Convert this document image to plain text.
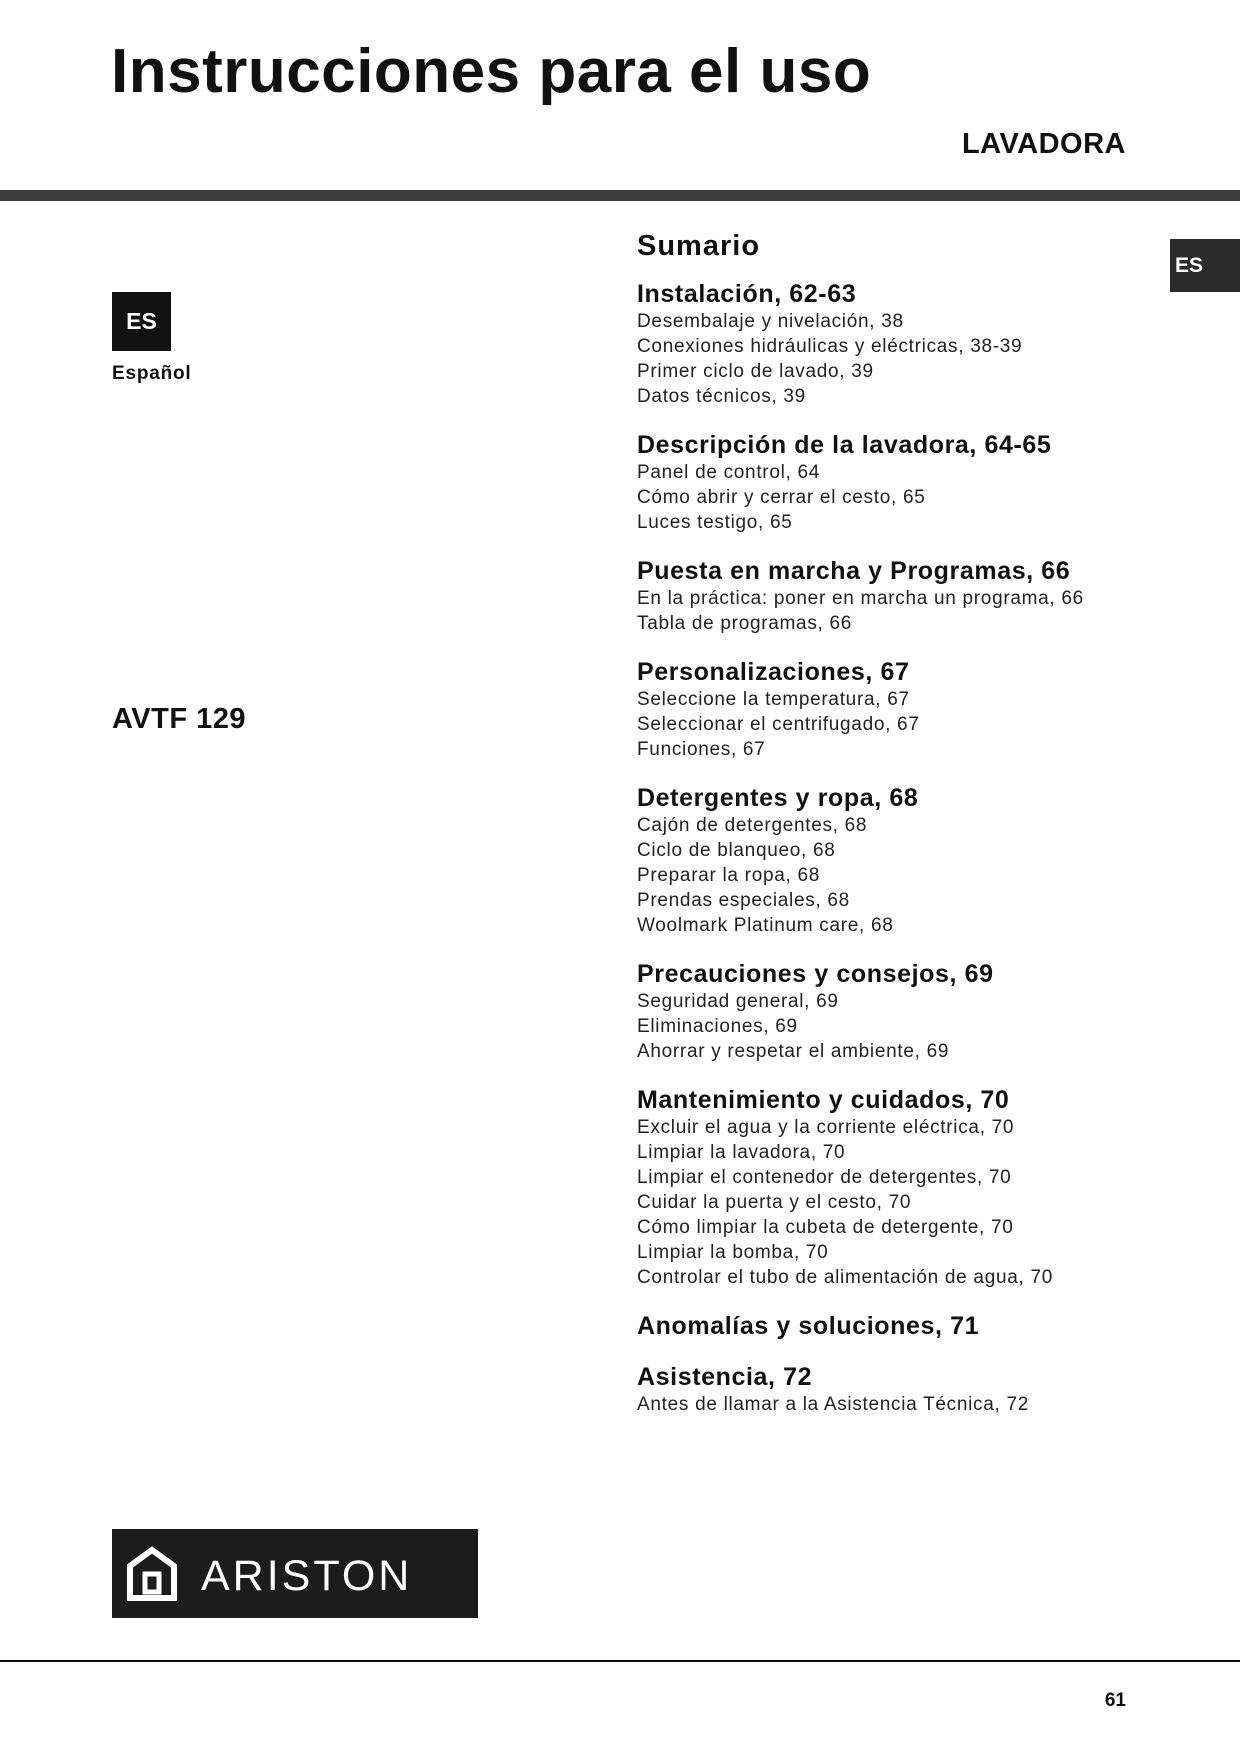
Instrucciones para el uso
LAVADORA
ES
ES
Español
AVTF 129
Sumario
Instalación, 62-63
Desembalaje y nivelación, 38
Conexiones hidráulicas y eléctricas, 38-39
Primer ciclo de lavado, 39
Datos técnicos, 39
Descripción de la lavadora, 64-65
Panel de control, 64
Cómo abrir y cerrar el cesto, 65
Luces testigo, 65
Puesta en marcha y Programas, 66
En la práctica: poner en marcha un programa, 66
Tabla de programas, 66
Personalizaciones, 67
Seleccione la temperatura, 67
Seleccionar el centrifugado, 67
Funciones, 67
Detergentes y ropa, 68
Cajón de detergentes, 68
Ciclo de blanqueo, 68
Preparar la ropa, 68
Prendas especiales, 68
Woolmark Platinum care, 68
Precauciones y consejos, 69
Seguridad general, 69
Eliminaciones, 69
Ahorrar y respetar el ambiente, 69
Mantenimiento y cuidados, 70
Excluir el agua y la corriente eléctrica, 70
Limpiar la lavadora, 70
Limpiar el contenedor de detergentes, 70
Cuidar la puerta y el cesto, 70
Cómo limpiar la cubeta de detergente, 70
Limpiar la bomba, 70
Controlar el tubo de alimentación de agua, 70
Anomalías y soluciones, 71
Asistencia, 72
Antes de llamar a la Asistencia Técnica, 72
ARISTON
61
